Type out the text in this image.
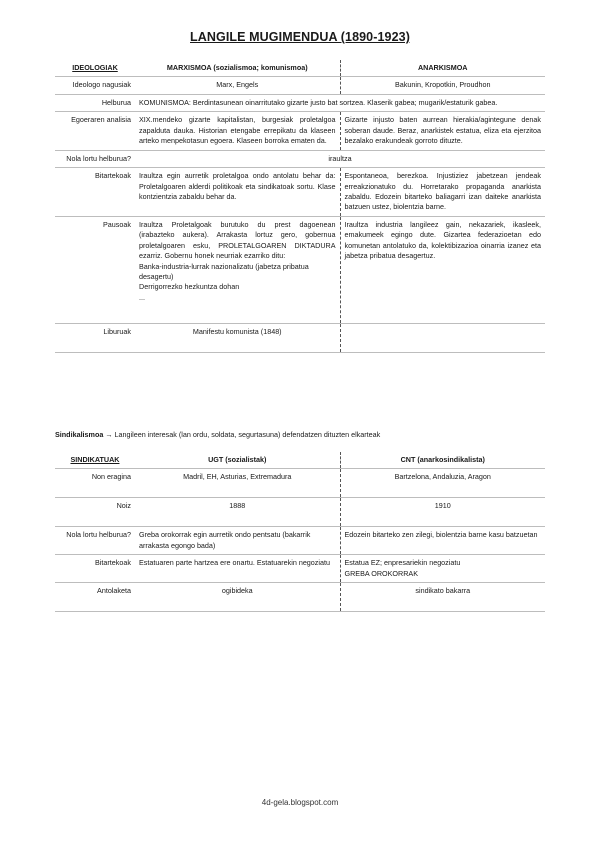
LANGILE MUGIMENDUA (1890-1923)
IDEOLOGIAK	MARXISMOA (sozialismoa; komunismoa)	ANARKISMOA
Ideologo nagusiak	Marx, Engels	Bakunin, Kropotkin, Proudhon
Helburua	KOMUNISMOA: Berdintasunean oinarritutako gizarte justo bat sortzea. Klaserik gabea; mugarik/estaturik gabea.	
Egoeraren analisia	XIX.mendeko gizarte kapitalistan, burgesiak proletalgoa zapalduta dauka. Historian etengabe errepikatu da klaseen arteko menpekotasun egoera. Klaseen borroka ematen da.	Gizarte injusto baten aurrean hierakia/agintegune denak soberan daude. Beraz, anarkistek estatua, eliza eta ejerzitoa bezalako erakundeak gorroto dituzte.
Nola lortu helburua?	iraultza	
Bitartekoak	Iraultza egin aurretik proletalgoa ondo antolatu behar da: Proletalgoaren alderdi politikoak eta sindikatoak sortu. Klase kontzientzia zabaldu behar da.	Espontaneoa, berezkoa. Injustiziez jabetzean jendeak erreakzionatuko du. Horretarako propaganda anarkista zabaldu. Edozein bitarteko baliagarri izan daiteke anarkista batzuen ustez, biolentzia barne.
Pausoak	Iraultza Proletalgoak burutuko du prest dagoenean (irabazteko aukera). Arrakasta lortuz gero, gobernua proletalgoaren esku, PROLETALGOAREN DIKTADURA ezarriz. Gobernu honek neurriak ezarriko ditu:
Banka-industria-lurrak nazionalizatu (jabetza pribatua desagertu)
Derrigorrezko hezkuntza dohan
...	Iraultza industria langileez gain, nekazariek, ikasleek, emakumeek egingo dute. Gizartea federazioetan edo komunetan antolatuko da, kolektibizazioa oinarria izanez eta jabetza pribatua desagertuz.
Liburuak	Manifestu komunista (1848)	
Sindikalismoa → Langileen interesak (lan ordu, soldata, segurtasuna) defendatzen dituzten elkarteak
SINDIKATUAK	UGT (sozialistak)	CNT (anarkosindikalista)
Non eragina	Madril, EH, Asturias, Extremadura	Bartzelona, Andaluzia, Aragon
Noiz	1888	1910
Nola lortu helburua?	Greba orokorrak egin aurretik ondo pentsatu (bakarrik arrakasta egongo bada)	Edozein bitarteko zen zilegi, biolentzia barne kasu batzuetan
Bitartekoak	Estatuaren parte hartzea ere onartu. Estatuarekin negoziatu	Estatua EZ; enpresariekin negoziatu
GREBA OROKORRAK

Antolaketa	ogibideka	sindikato bakarra
4d-gela.blogspot.com
